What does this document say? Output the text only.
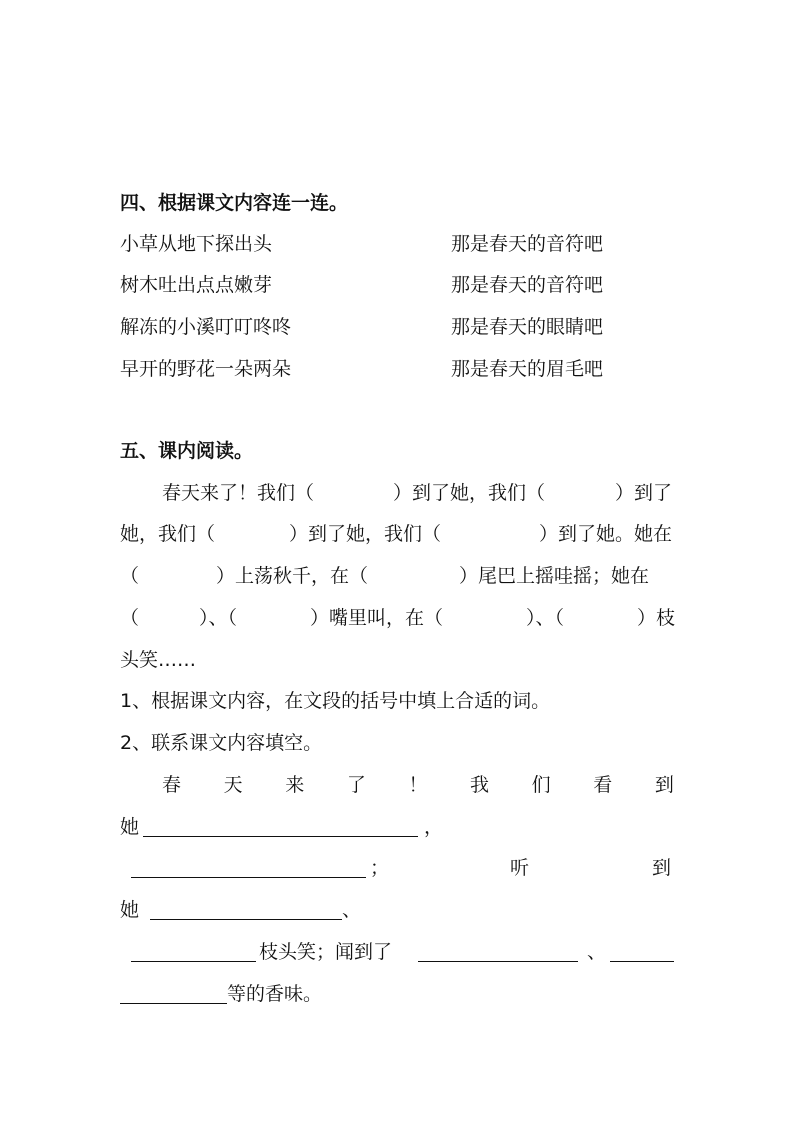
四、根据课文内容连一连。
小草从地下探出头	那是春天的音符吧
树木吐出点点嫩芽	那是春天的音符吧
解冻的小溪叮叮咚咚	那是春天的眼睛吧
早开的野花一朵两朵	那是春天的眉毛吧
五、课内阅读。
春天来了！我们（	）到了她，我们（	）到了
她，我们（	）到了她，我们（	）到了她。她在
（	）上荡秋千，在（	）尾巴上摇哇摇；她在
（	）、（	）嘴里叫，在（	）、（	）枝
头笑……
1、根据课文内容，在文段的括号中填上合适的词。
2、联系课文内容填空。
春 天 来 了 ！ 我 们 看 到
她	，
；	听	到
她	、
枝头笑；闻到了	、
等的香味。
